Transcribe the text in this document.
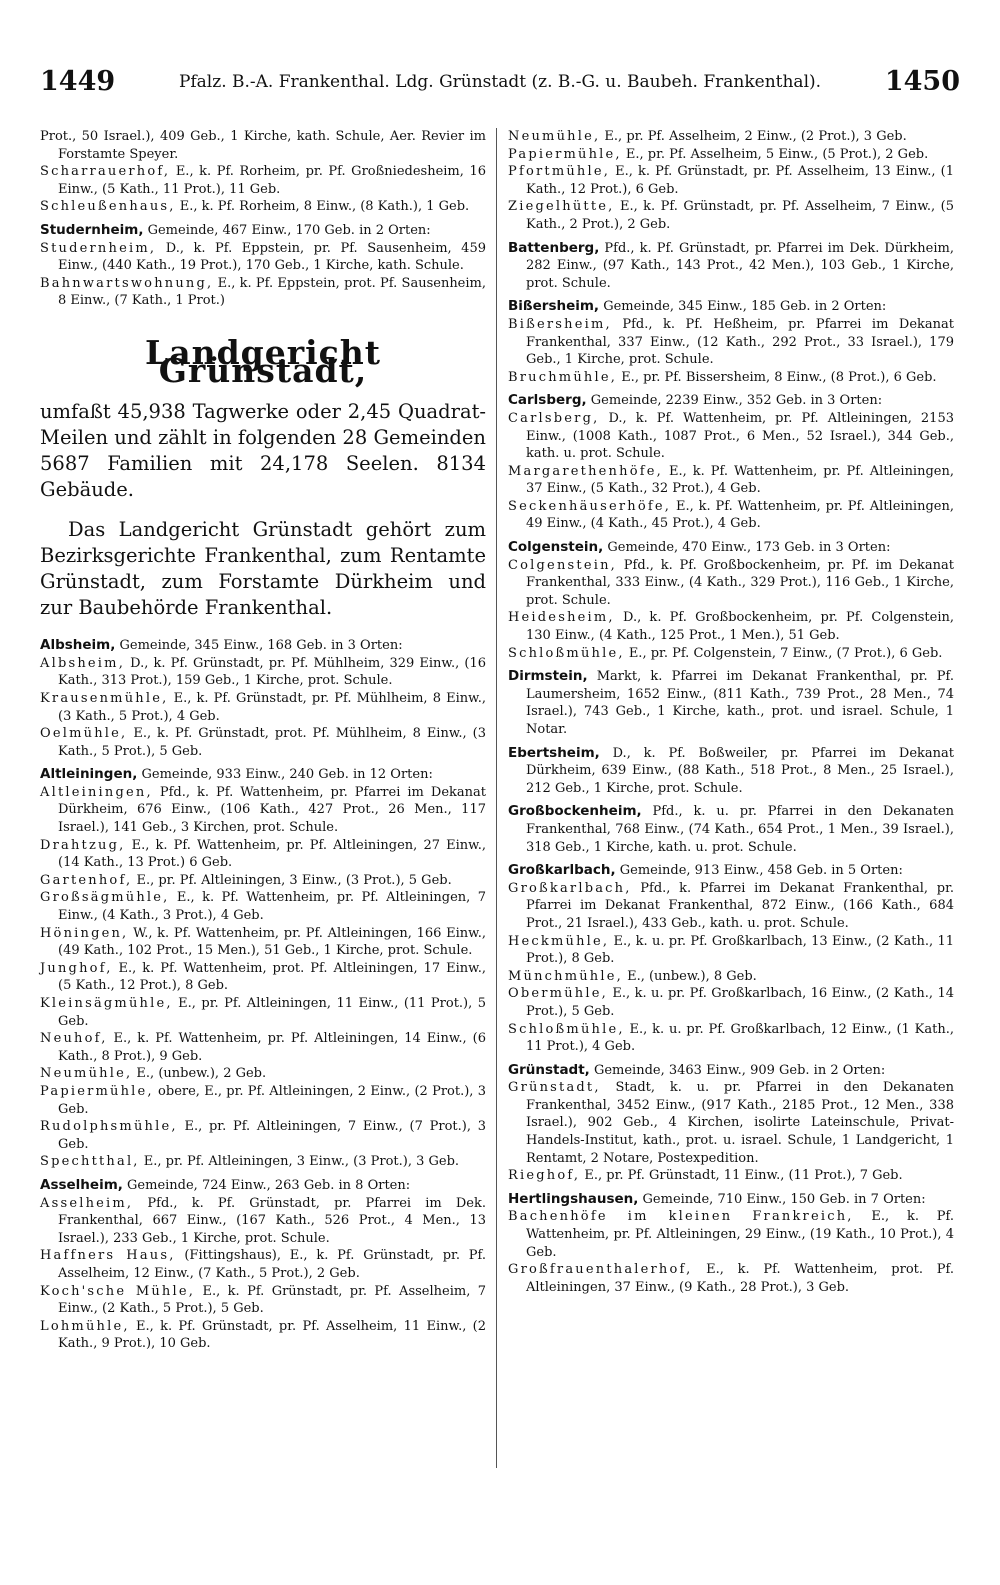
1449	Pfalz. B.-A. Frankenthal. Ldg. Grünstadt (z. B.-G. u. Baubeh. Frankenthal).	1450

Prot., 50 Israel.), 409 Geb., 1 Kirche, kath. Schule, Aer. Revier im Forstamte Speyer.

Scharrauerhof, E., k. Pf. Rorheim, pr. Pf. Großniedesheim, 16 Einw., (5 Kath., 11 Prot.), 11 Geb.

Schleußenhaus, E., k. Pf. Rorheim, 8 Einw., (8 Kath.), 1 Geb.

Studernheim, Gemeinde, 467 Einw., 170 Geb. in 2 Orten:

Studernheim, D., k. Pf. Eppstein, pr. Pf. Sausenheim, 459 Einw., (440 Kath., 19 Prot.), 170 Geb., 1 Kirche, kath. Schule.

Bahnwartswohnung, E., k. Pf. Eppstein, prot. Pf. Sausenheim, 8 Einw., (7 Kath., 1 Prot.)

Landgericht Grünstadt,

umfaßt 45,938 Tagwerke oder 2,45 Quadrat-Meilen und zählt in folgenden 28 Gemeinden 5687 Familien mit 24,178 Seelen. 8134 Gebäude.

Das Landgericht Grünstadt gehört zum Bezirksgerichte Frankenthal, zum Rentamte Grünstadt, zum Forstamte Dürkheim und zur Baubehörde Frankenthal.

Albsheim, Gemeinde, 345 Einw., 168 Geb. in 3 Orten:

Albsheim, D., k. Pf. Grünstadt, pr. Pf. Mühlheim, 329 Einw., (16 Kath., 313 Prot.), 159 Geb., 1 Kirche, prot. Schule.

Krausenmühle, E., k. Pf. Grünstadt, pr. Pf. Mühlheim, 8 Einw., (3 Kath., 5 Prot.), 4 Geb.

Oelmühle, E., k. Pf. Grünstadt, prot. Pf. Mühlheim, 8 Einw., (3 Kath., 5 Prot.), 5 Geb.

Altleiningen, Gemeinde, 933 Einw., 240 Geb. in 12 Orten:

Altleiningen, Pfd., k. Pf. Wattenheim, pr. Pfarrei im Dekanat Dürkheim, 676 Einw., (106 Kath., 427 Prot., 26 Men., 117 Israel.), 141 Geb., 3 Kirchen, prot. Schule.

Drahtzug, E., k. Pf. Wattenheim, pr. Pf. Altleiningen, 27 Einw., (14 Kath., 13 Prot.) 6 Geb.

Gartenhof, E., pr. Pf. Altleiningen, 3 Einw., (3 Prot.), 5 Geb.

Großsägmühle, E., k. Pf. Wattenheim, pr. Pf. Altleiningen, 7 Einw., (4 Kath., 3 Prot.), 4 Geb.

Höningen, W., k. Pf. Wattenheim, pr. Pf. Altleiningen, 166 Einw., (49 Kath., 102 Prot., 15 Men.), 51 Geb., 1 Kirche, prot. Schule.

Junghof, E., k. Pf. Wattenheim, prot. Pf. Altleiningen, 17 Einw., (5 Kath., 12 Prot.), 8 Geb.

Kleinsägmühle, E., pr. Pf. Altleiningen, 11 Einw., (11 Prot.), 5 Geb.

Neuhof, E., k. Pf. Wattenheim, pr. Pf. Altleiningen, 14 Einw., (6 Kath., 8 Prot.), 9 Geb.

Neumühle, E., (unbew.), 2 Geb.

Papiermühle, obere, E., pr. Pf. Altleiningen, 2 Einw., (2 Prot.), 3 Geb.

Rudolphsmühle, E., pr. Pf. Altleiningen, 7 Einw., (7 Prot.), 3 Geb.

Spechtthal, E., pr. Pf. Altleiningen, 3 Einw., (3 Prot.), 3 Geb.

Asselheim, Gemeinde, 724 Einw., 263 Geb. in 8 Orten:

Asselheim, Pfd., k. Pf. Grünstadt, pr. Pfarrei im Dek. Frankenthal, 667 Einw., (167 Kath., 526 Prot., 4 Men., 13 Israel.), 233 Geb., 1 Kirche, prot. Schule.

Haffners Haus, (Fittingshaus), E., k. Pf. Grünstadt, pr. Pf. Asselheim, 12 Einw., (7 Kath., 5 Prot.), 2 Geb.

Koch'sche Mühle, E., k. Pf. Grünstadt, pr. Pf. Asselheim, 7 Einw., (2 Kath., 5 Prot.), 5 Geb.

Lohmühle, E., k. Pf. Grünstadt, pr. Pf. Asselheim, 11 Einw., (2 Kath., 9 Prot.), 10 Geb.

Neumühle, E., pr. Pf. Asselheim, 2 Einw., (2 Prot.), 3 Geb.

Papiermühle, E., pr. Pf. Asselheim, 5 Einw., (5 Prot.), 2 Geb.

Pfortmühle, E., k. Pf. Grünstadt, pr. Pf. Asselheim, 13 Einw., (1 Kath., 12 Prot.), 6 Geb.

Ziegelhütte, E., k. Pf. Grünstadt, pr. Pf. Asselheim, 7 Einw., (5 Kath., 2 Prot.), 2 Geb.

Battenberg, Pfd., k. Pf. Grünstadt, pr. Pfarrei im Dek. Dürkheim, 282 Einw., (97 Kath., 143 Prot., 42 Men.), 103 Geb., 1 Kirche, prot. Schule.

Bißersheim, Gemeinde, 345 Einw., 185 Geb. in 2 Orten:

Bißersheim, Pfd., k. Pf. Heßheim, pr. Pfarrei im Dekanat Frankenthal, 337 Einw., (12 Kath., 292 Prot., 33 Israel.), 179 Geb., 1 Kirche, prot. Schule.

Bruchmühle, E., pr. Pf. Bissersheim, 8 Einw., (8 Prot.), 6 Geb.

Carlsberg, Gemeinde, 2239 Einw., 352 Geb. in 3 Orten:

Carlsberg, D., k. Pf. Wattenheim, pr. Pf. Altleiningen, 2153 Einw., (1008 Kath., 1087 Prot., 6 Men., 52 Israel.), 344 Geb., kath. u. prot. Schule.

Margarethenhöfe, E., k. Pf. Wattenheim, pr. Pf. Altleiningen, 37 Einw., (5 Kath., 32 Prot.), 4 Geb.

Seckenhäuserhöfe, E., k. Pf. Wattenheim, pr. Pf. Altleiningen, 49 Einw., (4 Kath., 45 Prot.), 4 Geb.

Colgenstein, Gemeinde, 470 Einw., 173 Geb. in 3 Orten:

Colgenstein, Pfd., k. Pf. Großbockenheim, pr. Pf. im Dekanat Frankenthal, 333 Einw., (4 Kath., 329 Prot.), 116 Geb., 1 Kirche, prot. Schule.

Heidesheim, D., k. Pf. Großbockenheim, pr. Pf. Colgenstein, 130 Einw., (4 Kath., 125 Prot., 1 Men.), 51 Geb.

Schloßmühle, E., pr. Pf. Colgenstein, 7 Einw., (7 Prot.), 6 Geb.

Dirmstein, Markt, k. Pfarrei im Dekanat Frankenthal, pr. Pf. Laumersheim, 1652 Einw., (811 Kath., 739 Prot., 28 Men., 74 Israel.), 743 Geb., 1 Kirche, kath., prot. und israel. Schule, 1 Notar.

Ebertsheim, D., k. Pf. Boßweiler, pr. Pfarrei im Dekanat Dürkheim, 639 Einw., (88 Kath., 518 Prot., 8 Men., 25 Israel.), 212 Geb., 1 Kirche, prot. Schule.

Großbockenheim, Pfd., k. u. pr. Pfarrei in den Dekanaten Frankenthal, 768 Einw., (74 Kath., 654 Prot., 1 Men., 39 Israel.), 318 Geb., 1 Kirche, kath. u. prot. Schule.

Großkarlbach, Gemeinde, 913 Einw., 458 Geb. in 5 Orten:

Großkarlbach, Pfd., k. Pfarrei im Dekanat Frankenthal, pr. Pfarrei im Dekanat Frankenthal, 872 Einw., (166 Kath., 684 Prot., 21 Israel.), 433 Geb., kath. u. prot. Schule.

Heckmühle, E., k. u. pr. Pf. Großkarlbach, 13 Einw., (2 Kath., 11 Prot.), 8 Geb.

Münchmühle, E., (unbew.), 8 Geb.

Obermühle, E., k. u. pr. Pf. Großkarlbach, 16 Einw., (2 Kath., 14 Prot.), 5 Geb.

Schloßmühle, E., k. u. pr. Pf. Großkarlbach, 12 Einw., (1 Kath., 11 Prot.), 4 Geb.

Grünstadt, Gemeinde, 3463 Einw., 909 Geb. in 2 Orten:

Grünstadt, Stadt, k. u. pr. Pfarrei in den Dekanaten Frankenthal, 3452 Einw., (917 Kath., 2185 Prot., 12 Men., 338 Israel.), 902 Geb., 4 Kirchen, isolirte Lateinschule, Privat-Handels-Institut, kath., prot. u. israel. Schule, 1 Landgericht, 1 Rentamt, 2 Notare, Postexpedition.

Rieghof, E., pr. Pf. Grünstadt, 11 Einw., (11 Prot.), 7 Geb.

Hertlingshausen, Gemeinde, 710 Einw., 150 Geb. in 7 Orten:

Bachenhöfe im kleinen Frankreich, E., k. Pf. Wattenheim, pr. Pf. Altleiningen, 29 Einw., (19 Kath., 10 Prot.), 4 Geb.

Großfrauenthalerhof, E., k. Pf. Wattenheim, prot. Pf. Altleiningen, 37 Einw., (9 Kath., 28 Prot.), 3 Geb.
